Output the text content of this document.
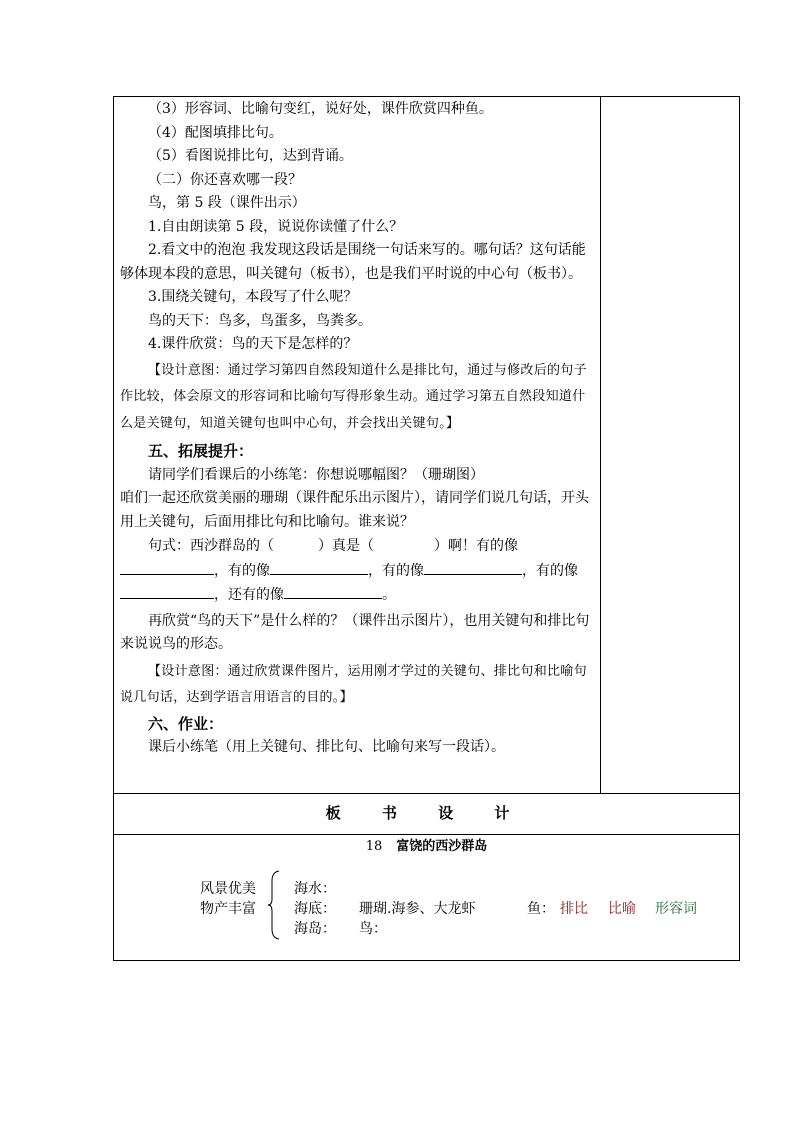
（3）形容词、比喻句变红，说好处，课件欣赏四种鱼。

（4）配图填排比句。

（5）看图说排比句，达到背诵。

（二）你还喜欢哪一段？

鸟，第 5 段（课件出示）

1.自由朗读第 5 段，说说你读懂了什么？

2.看文中的泡泡 我发现这段话是围绕一句话来写的。哪句话？这句话能够体现本段的意思，叫关键句（板书），也是我们平时说的中心句（板书）。

3.围绕关键句，本段写了什么呢？

鸟的天下：鸟多，鸟蛋多，鸟粪多。

4.课件欣赏：鸟的天下是怎样的？

【设计意图：通过学习第四自然段知道什么是排比句，通过与修改后的句子作比较，体会原文的形容词和比喻句写得形象生动。通过学习第五自然段知道什么是关键句，知道关键句也叫中心句，并会找出关键句。】

五、拓展提升：

请同学们看课后的小练笔：你想说哪幅图？（珊瑚图）

咱们一起还欣赏美丽的珊瑚（课件配乐出示图片），请同学们说几句话，开头用上关键句，后面用排比句和比喻句。谁来说？

句式：西沙群岛的（	）真是（	）啊！有的像
，有的像	，有的像	，有的像
，还有的像	。

再欣赏“鸟的天下”是什么样的？（课件出示图片），也用关键句和排比句来说说鸟的形态。

【设计意图：通过欣赏课件图片，运用刚才学过的关键句、排比句和比喻句说几句话，达到学语言用语言的目的。】

六、作业：

课后小练笔（用上关键句、排比句、比喻句来写一段话）。

板 书 设 计
18 富饶的西沙群岛
风景优美
物产丰富
海水：
海底： 珊瑚.海参、大龙虾	鱼： 排比 比喻 形容词
海岛： 鸟：
